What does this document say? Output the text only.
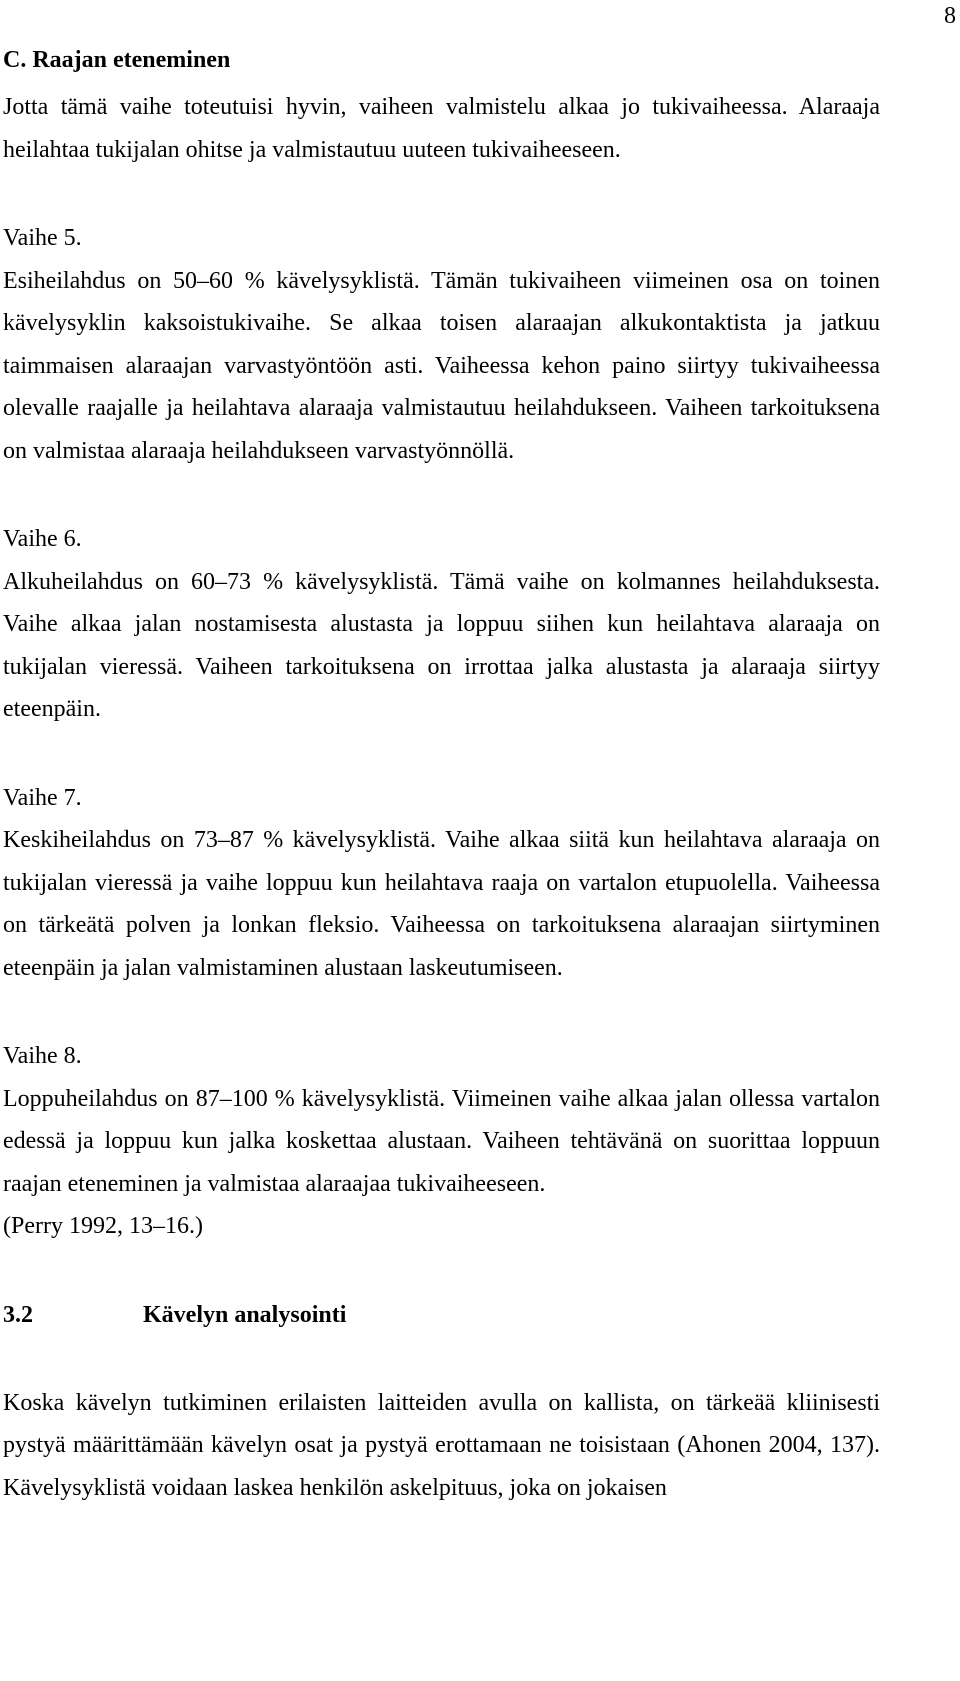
8

C. Raajan eteneminen

Jotta tämä vaihe toteutuisi hyvin, vaiheen valmistelu alkaa jo tukivaiheessa. Alaraaja heilahtaa tukijalan ohitse ja valmistautuu uuteen tukivaiheeseen.

Vaihe 5.

Esiheilahdus on 50–60 % kävelysyklistä. Tämän tukivaiheen viimeinen osa on toinen kävelysyklin kaksoistukivaihe. Se alkaa toisen alaraajan alkukontaktista ja jatkuu taimmaisen alaraajan varvastyöntöön asti. Vaiheessa kehon paino siirtyy tukivaiheessa olevalle raajalle ja heilahtava alaraaja valmistautuu heilahdukseen. Vaiheen tarkoituksena on valmistaa alaraaja heilahdukseen varvastyönnöllä.

Vaihe 6.

Alkuheilahdus on 60–73 % kävelysyklistä. Tämä vaihe on kolmannes heilahduksesta. Vaihe alkaa jalan nostamisesta alustasta ja loppuu siihen kun heilahtava alaraaja on tukijalan vieressä. Vaiheen tarkoituksena on irrottaa jalka alustasta ja alaraaja siirtyy eteenpäin.

Vaihe 7.

Keskiheilahdus on 73–87 % kävelysyklistä. Vaihe alkaa siitä kun heilahtava alaraaja on tukijalan vieressä ja vaihe loppuu kun heilahtava raaja on vartalon etupuolella. Vaiheessa on tärkeätä polven ja lonkan fleksio. Vaiheessa on tarkoituksena alaraajan siirtyminen eteenpäin ja jalan valmistaminen alustaan laskeutumiseen.

Vaihe 8.

Loppuheilahdus on 87–100 % kävelysyklistä. Viimeinen vaihe alkaa jalan ollessa vartalon edessä ja loppuu kun jalka koskettaa alustaan. Vaiheen tehtävänä on suorittaa loppuun raajan eteneminen ja valmistaa alaraajaa tukivaiheeseen.

(Perry 1992, 13–16.)

3.2	Kävelyn analysointi

Koska kävelyn tutkiminen erilaisten laitteiden avulla on kallista, on tärkeää kliinisesti pystyä määrittämään kävelyn osat ja pystyä erottamaan ne toisistaan (Ahonen 2004, 137). Kävelysyklistä voidaan laskea henkilön askelpituus, joka on jokaisen
